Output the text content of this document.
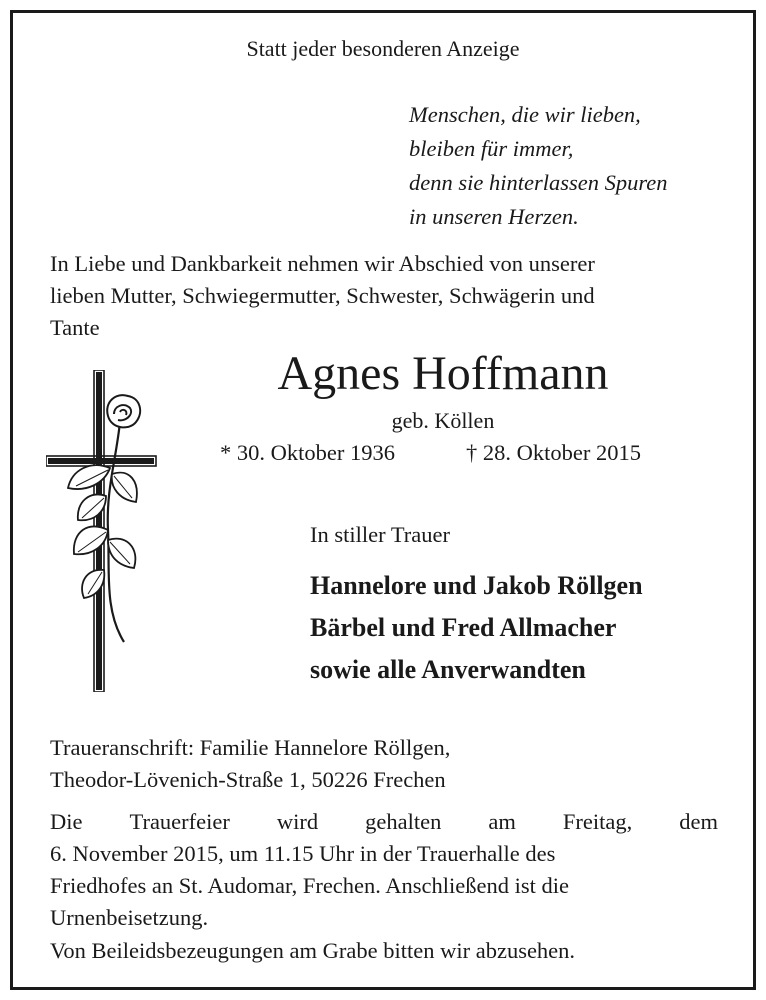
Statt jeder besonderen Anzeige

Menschen, die wir lieben,
bleiben für immer,
denn sie hinterlassen Spuren
in unseren Herzen.
In Liebe und Dankbarkeit nehmen wir Abschied von unserer
lieben Mutter, Schwiegermutter, Schwester, Schwägerin und
Tante

Agnes Hoffmann

geb. Köllen

* 30. Oktober 1936	† 28. Oktober 2015

In stiller Trauer

Hannelore und Jakob Röllgen
Bärbel und Fred Allmacher
sowie alle Anverwandten
Traueranschrift: Familie Hannelore Röllgen,
Theodor-Lövenich-Straße 1, 50226 Frechen
Die Trauerfeier wird gehalten am Freitag, dem
6. November 2015, um 11.15 Uhr in der Trauerhalle des
Friedhofes an St. Audomar, Frechen. Anschließend ist die
Urnenbeisetzung.

Von Beileidsbezeugungen am Grabe bitten wir abzusehen.
